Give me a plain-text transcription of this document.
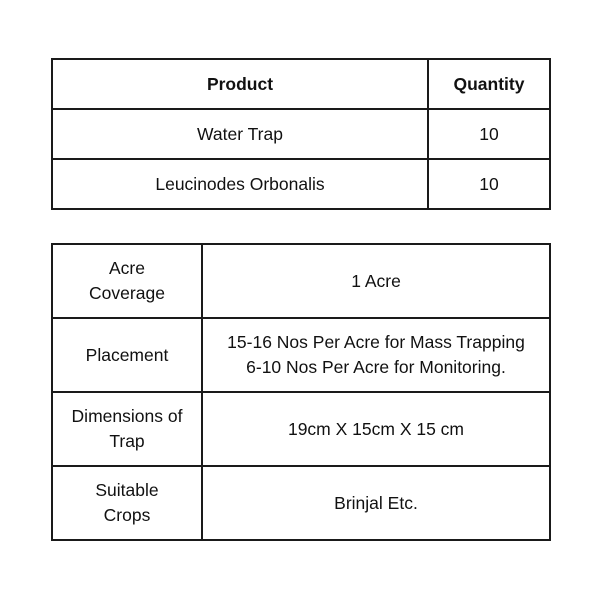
Product	Quantity
Water Trap	10
Leucinodes Orbonalis	10
Acre
Coverage	1 Acre

Placement	15-16 Nos Per Acre for Mass Trapping
6-10 Nos Per Acre for Monitoring.

Dimensions of
Trap	19cm X 15cm X 15 cm

Suitable
Crops	Brinjal Etc.
